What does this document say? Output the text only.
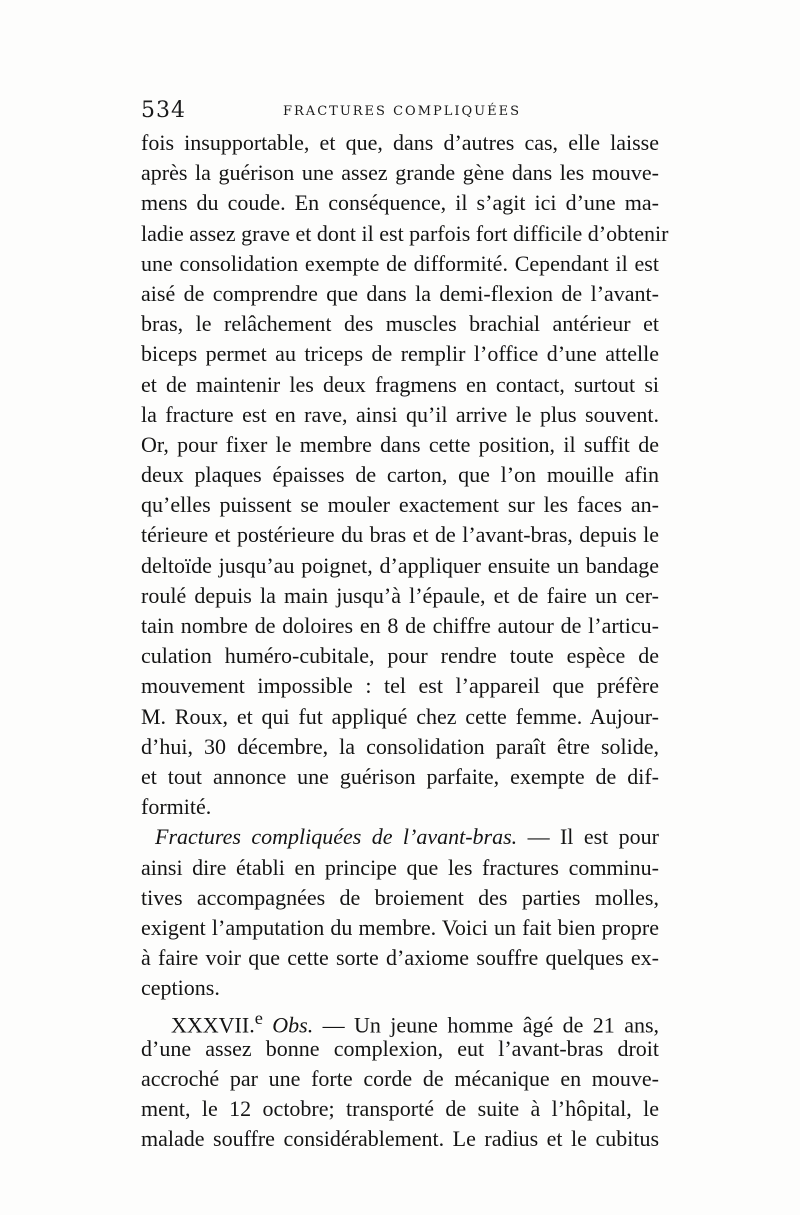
534	FRACTURES COMPLIQUÉES
fois insupportable, et que, dans d’autres cas, elle laisse
après la guérison une assez grande gène dans les mouve-
mens du coude. En conséquence, il s’agit ici d’une ma-
ladie assez grave et dont il est parfois fort difficile d’obtenir
une consolidation exempte de difformité. Cependant il est
aisé de comprendre que dans la demi-flexion de l’avant-
bras, le relâchement des muscles brachial antérieur et
biceps permet au triceps de remplir l’office d’une attelle
et de maintenir les deux fragmens en contact, surtout si
la fracture est en rave, ainsi qu’il arrive le plus souvent.
Or, pour fixer le membre dans cette position, il suffit de
deux plaques épaisses de carton, que l’on mouille afin
qu’elles puissent se mouler exactement sur les faces an-
térieure et postérieure du bras et de l’avant-bras, depuis le
deltoïde jusqu’au poignet, d’appliquer ensuite un bandage
roulé depuis la main jusqu’à l’épaule, et de faire un cer-
tain nombre de doloires en 8 de chiffre autour de l’articu-
culation huméro-cubitale, pour rendre toute espèce de
mouvement impossible : tel est l’appareil que préfère
M. Roux, et qui fut appliqué chez cette femme. Aujour-
d’hui, 30 décembre, la consolidation paraît être solide,
et tout annonce une guérison parfaite, exempte de dif-
formité.
Fractures compliquées de l’avant-bras. — Il est pour
ainsi dire établi en principe que les fractures comminu-
tives accompagnées de broiement des parties molles,
exigent l’amputation du membre. Voici un fait bien propre
à faire voir que cette sorte d’axiome souffre quelques ex-
ceptions.
XXXVII.$^e$ Obs. — Un jeune homme âgé de 21 ans,
d’une assez bonne complexion, eut l’avant-bras droit
accroché par une forte corde de mécanique en mouve-
ment, le 12 octobre; transporté de suite à l’hôpital, le
malade souffre considérablement. Le radius et le cubitus
